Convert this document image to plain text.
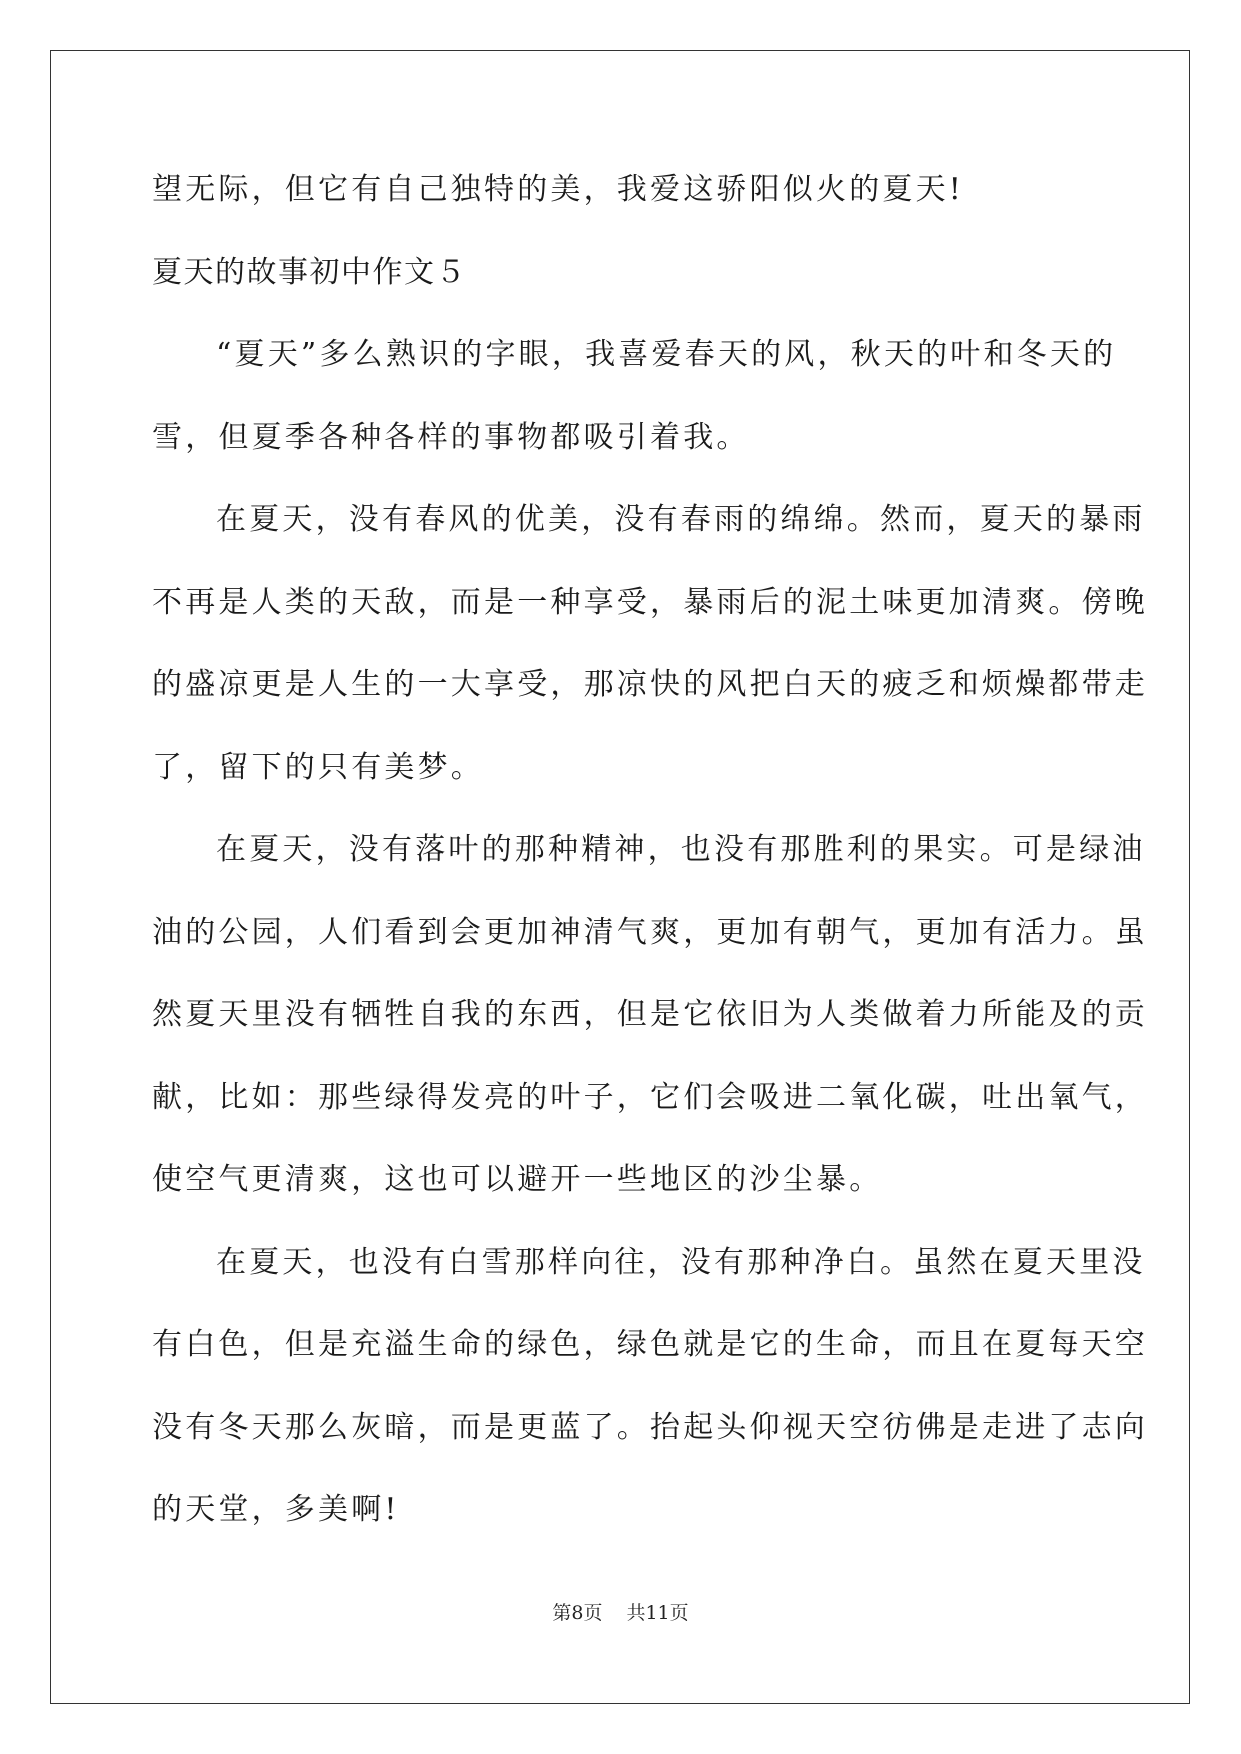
望无际，但它有自己独特的美，我爱这骄阳似火的夏天!
夏天的故事初中作文５
“夏天”多么熟识的字眼，我喜爱春天的风，秋天的叶和冬天的
雪，但夏季各种各样的事物都吸引着我。
在夏天，没有春风的优美，没有春雨的绵绵。然而，夏天的暴雨
不再是人类的天敌，而是一种享受，暴雨后的泥土味更加清爽。傍晚
的盛凉更是人生的一大享受，那凉快的风把白天的疲乏和烦燥都带走
了，留下的只有美梦。
在夏天，没有落叶的那种精神，也没有那胜利的果实。可是绿油
油的公园，人们看到会更加神清气爽，更加有朝气，更加有活力。虽
然夏天里没有牺牲自我的东西，但是它依旧为人类做着力所能及的贡
献，比如：那些绿得发亮的叶子，它们会吸进二氧化碳，吐出氧气，
使空气更清爽，这也可以避开一些地区的沙尘暴。
在夏天，也没有白雪那样向往，没有那种净白。虽然在夏天里没
有白色，但是充溢生命的绿色，绿色就是它的生命，而且在夏每天空
没有冬天那么灰暗，而是更蓝了。抬起头仰视天空彷佛是走进了志向
的天堂，多美啊!
第8页 共11页
